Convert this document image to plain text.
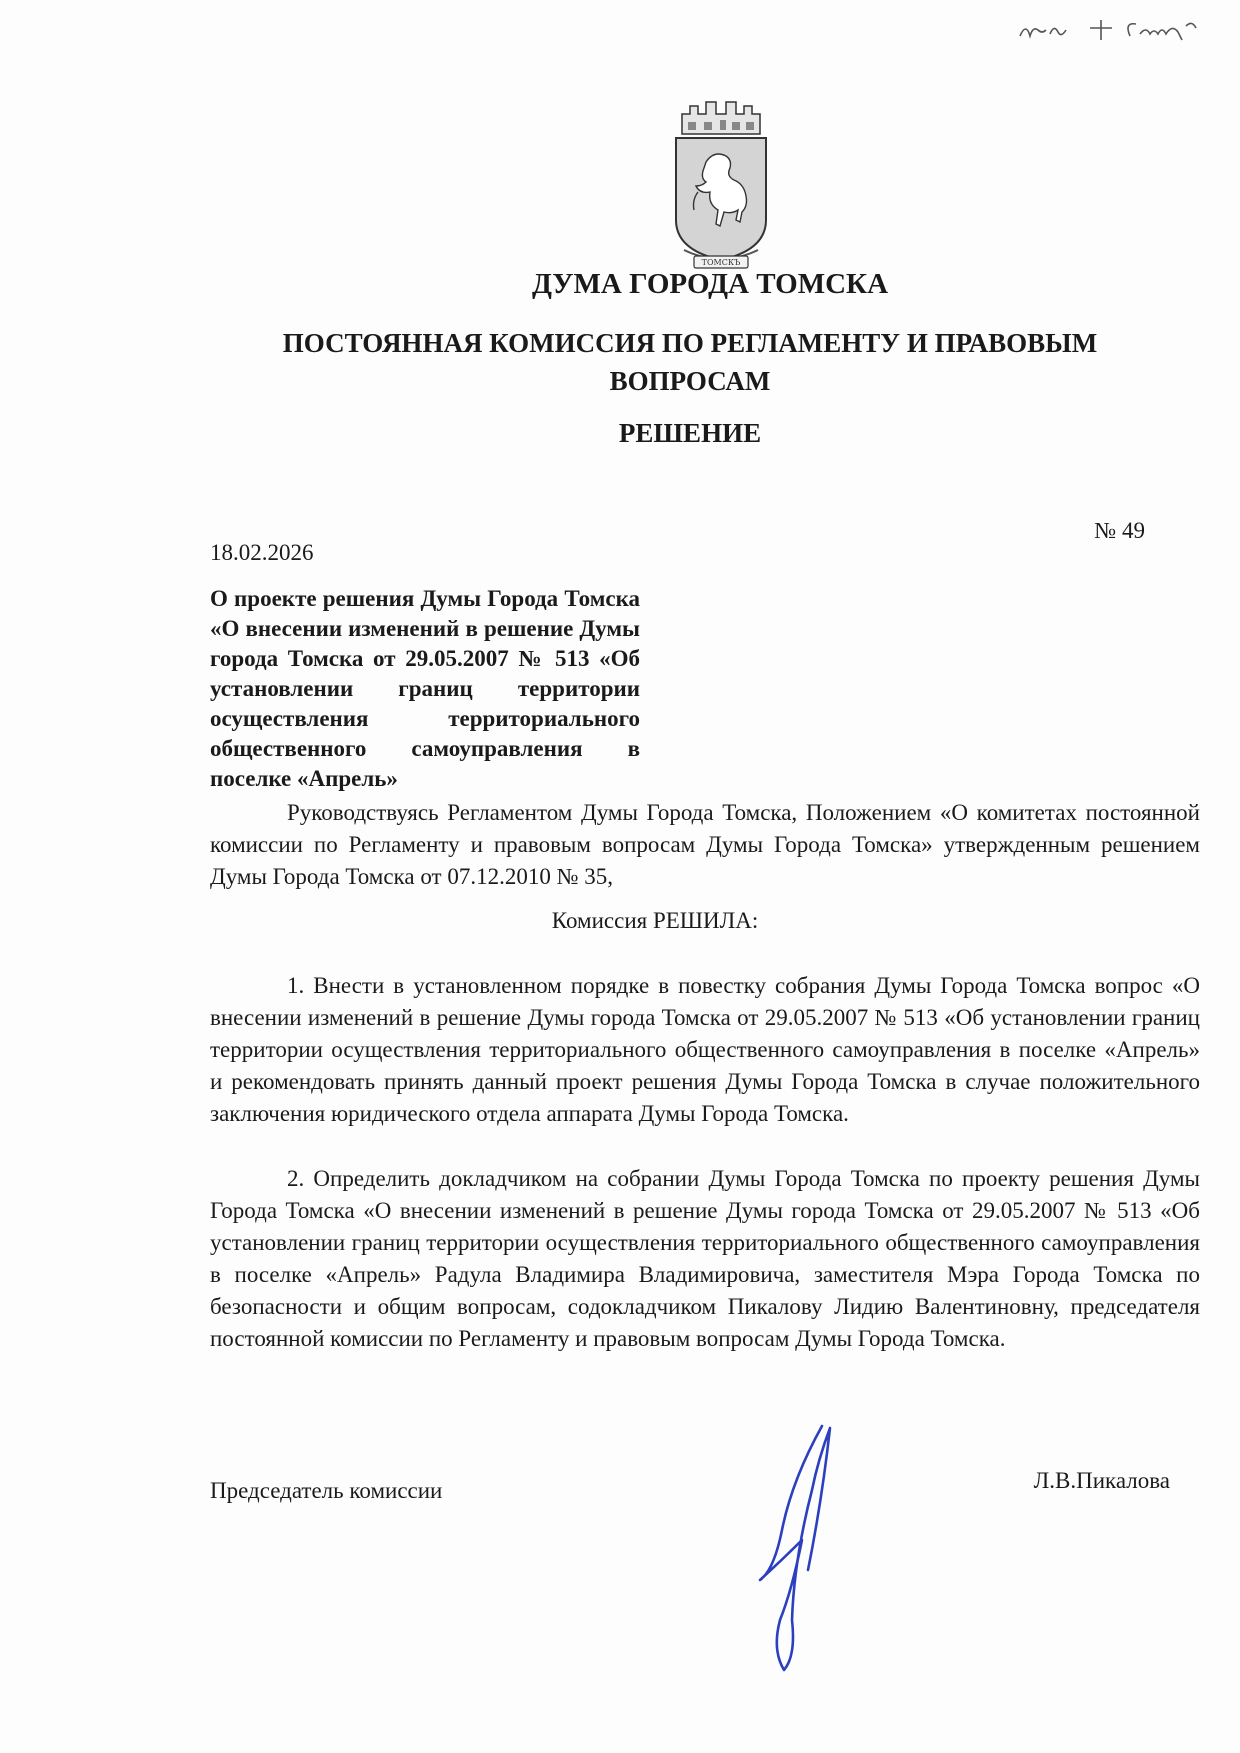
ТОМСКЪ

ДУМА ГОРОДА ТОМСКА

ПОСТОЯННАЯ КОМИССИЯ ПО РЕГЛАМЕНТУ И ПРАВОВЫМ ВОПРОСАМ

РЕШЕНИЕ

18.02.2026
№ 49

О проекте решения Думы Города Томска «О внесении изменений в решение Думы города Томска от 29.05.2007 № 513 «Об установлении границ территории осуществления территориального общественного самоуправления в поселке «Апрель»

Руководствуясь Регламентом Думы Города Томска, Положением «О комитетах постоянной комиссии по Регламенту и правовым вопросам Думы Города Томска» утвержденным решением Думы Города Томска от 07.12.2010 № 35,

Комиссия РЕШИЛА:

1. Внести в установленном порядке в повестку собрания Думы Города Томска вопрос «О внесении изменений в решение Думы города Томска от 29.05.2007 № 513 «Об установлении границ территории осуществления территориального общественного самоуправления в поселке «Апрель» и рекомендовать принять данный проект решения Думы Города Томска в случае положительного заключения юридического отдела аппарата Думы Города Томска.

2. Определить докладчиком на собрании Думы Города Томска по проекту решения Думы Города Томска «О внесении изменений в решение Думы города Томска от 29.05.2007 № 513 «Об установлении границ территории осуществления территориального общественного самоуправления в поселке «Апрель» Радула Владимира Владимировича, заместителя Мэра Города Томска по безопасности и общим вопросам, содокладчиком Пикалову Лидию Валентиновну, председателя постоянной комиссии по Регламенту и правовым вопросам Думы Города Томска.

Председатель комиссии	Л.В.Пикалова
